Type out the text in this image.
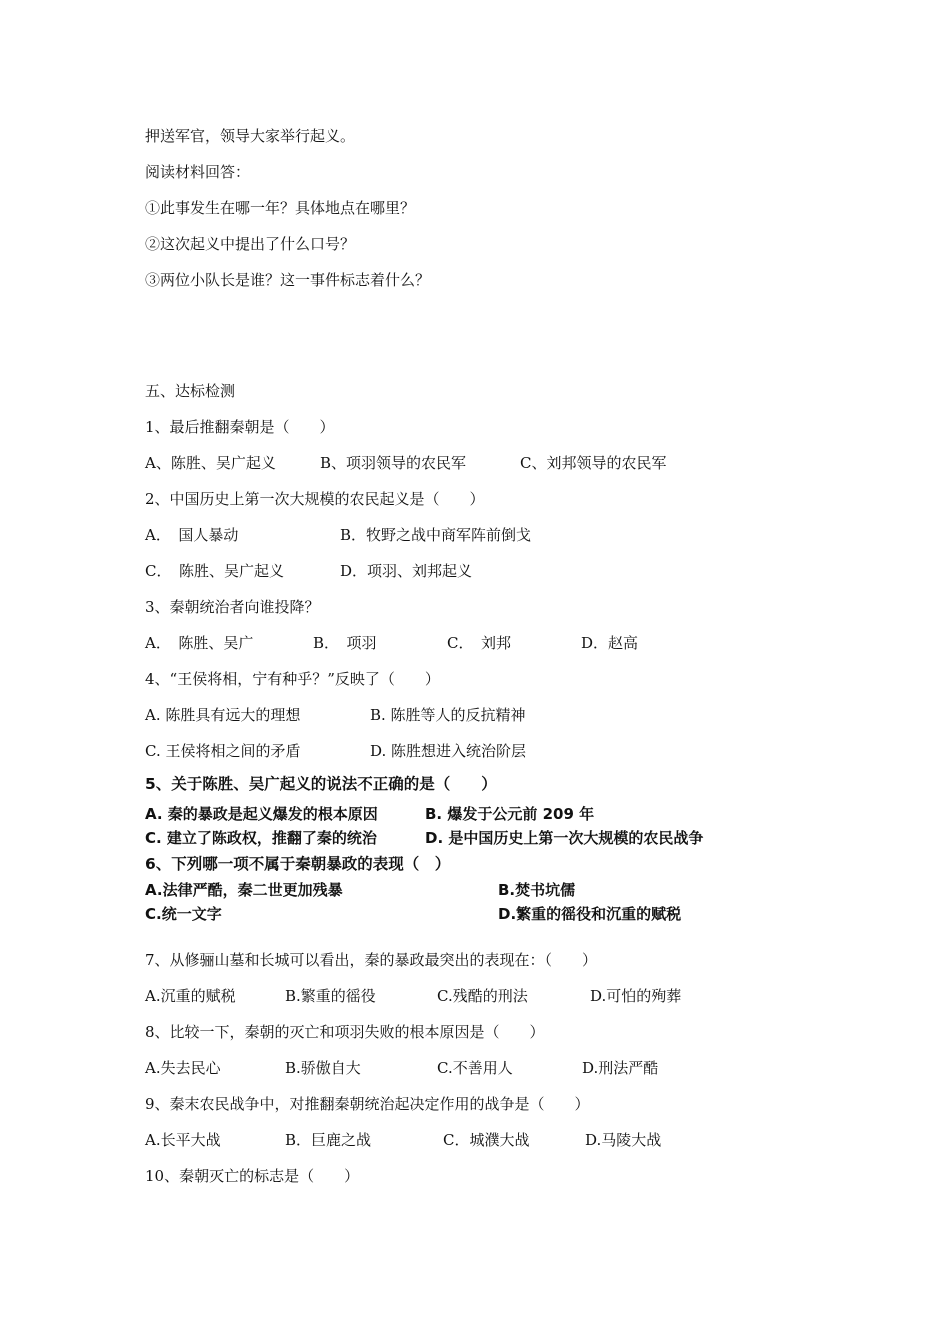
押送军官，领导大家举行起义。
阅读材料回答：
①此事发生在哪一年？具体地点在哪里？
②这次起义中提出了什么口号？
③两位小队长是谁？这一事件标志着什么？
五、达标检测
1、最后推翻秦朝是（　　）
A、陈胜、吴广起义	B、项羽领导的农民军	C、刘邦领导的农民军
2、中国历史上第一次大规模的农民起义是（　　）
A．　国人暴动	B．牧野之战中商军阵前倒戈
C．　陈胜、吴广起义	D．项羽、刘邦起义
3、秦朝统治者向谁投降？
A．　陈胜、吴广	B．　项羽	C．　刘邦	D．赵高
4、“王侯将相，宁有种乎？”反映了（　　）
A. 陈胜具有远大的理想	B. 陈胜等人的反抗精神
C. 王侯将相之间的矛盾	D. 陈胜想进入统治阶层
5、关于陈胜、吴广起义的说法不正确的是（　　）
A. 秦的暴政是起义爆发的根本原因	B. 爆发于公元前 209 年
C. 建立了陈政权，推翻了秦的统治	D. 是中国历史上第一次大规模的农民战争
6、下列哪一项不属于秦朝暴政的表现（　）
A.法律严酷，秦二世更加残暴	B.焚书坑儒
C.统一文字	D.繁重的徭役和沉重的赋税
7、从修骊山墓和长城可以看出，秦的暴政最突出的表现在：（　　）
A.沉重的赋税	B.繁重的徭役	C.残酷的刑法	D.可怕的殉葬
8、比较一下，秦朝的灭亡和项羽失败的根本原因是（　　）
A.失去民心	B.骄傲自大	C.不善用人	D.刑法严酷
9、秦末农民战争中，对推翻秦朝统治起决定作用的战争是（　　）
A.长平大战	B．巨鹿之战	C．城濮大战	D.马陵大战
10、秦朝灭亡的标志是（　　）
